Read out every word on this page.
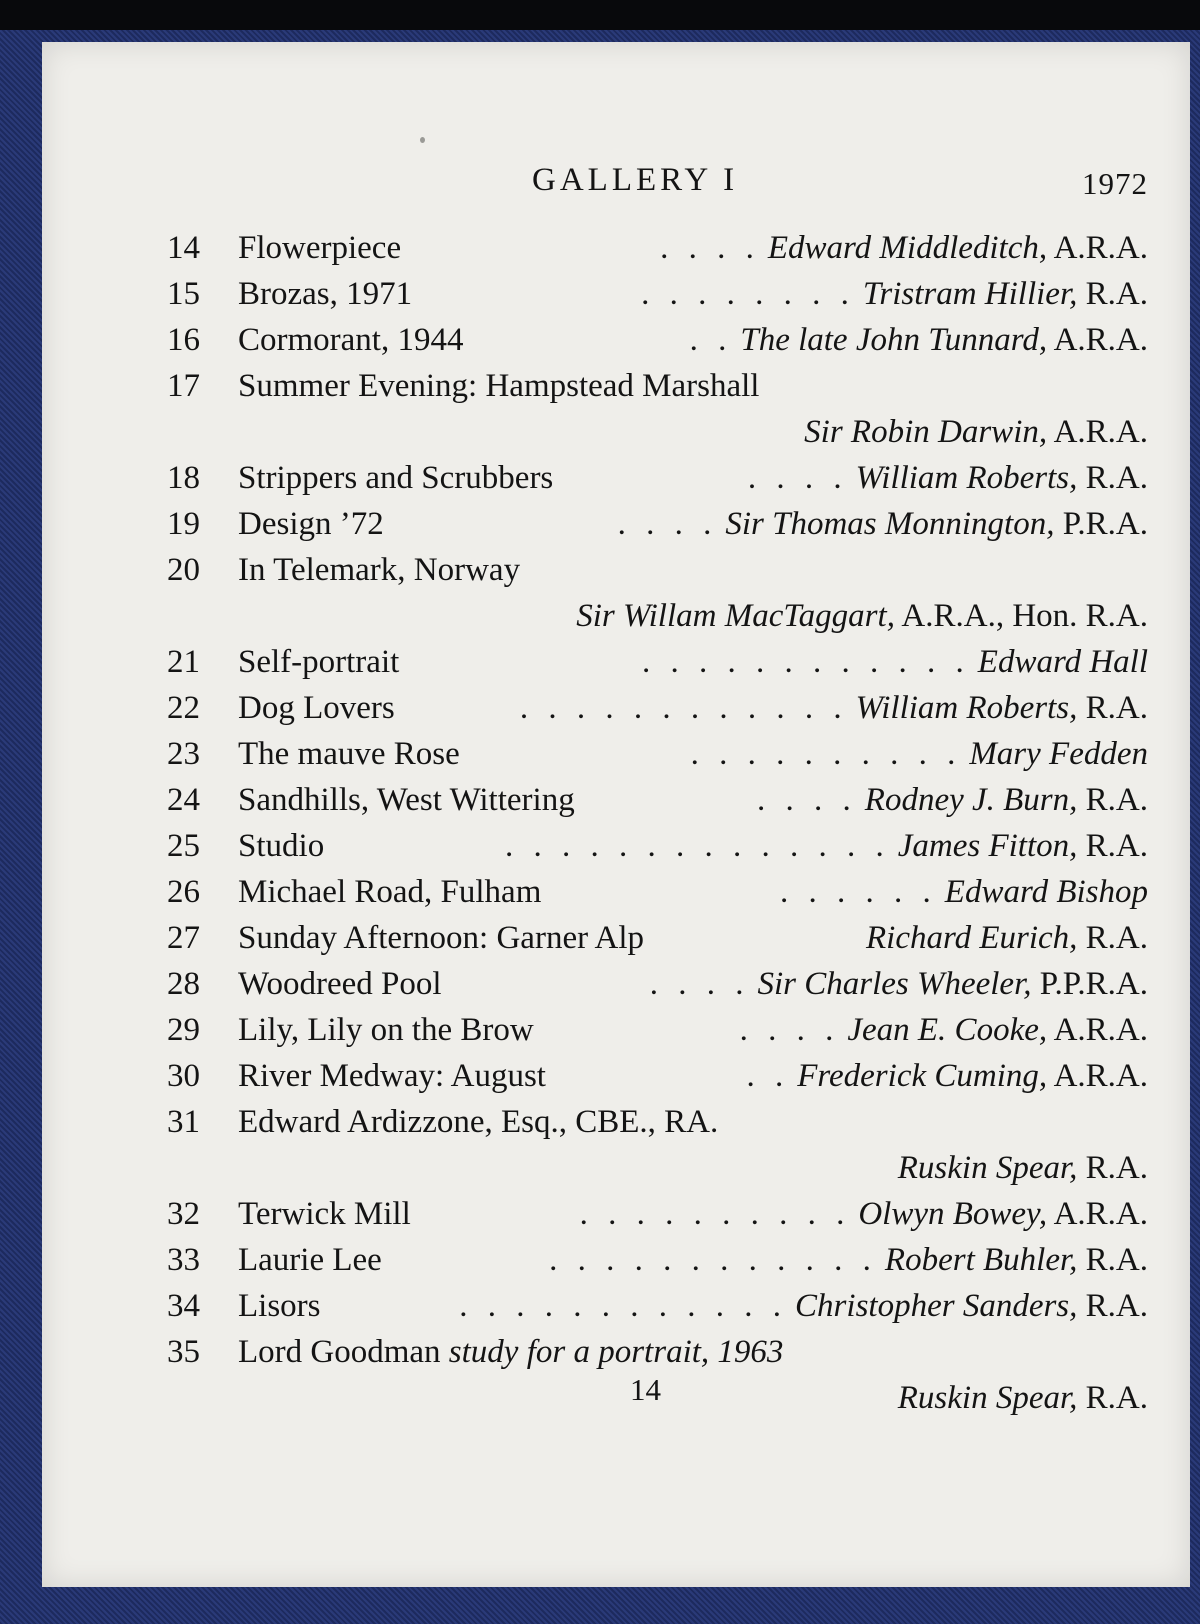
GALLERY I	1972
14	Flowerpiece	. . . . Edward Middleditch, A.R.A.
15	Brozas, 1971	. . . . . . . . Tristram Hillier, R.A.
16	Cormorant, 1944	. . The late John Tunnard, A.R.A.
17	Summer Evening: Hampstead Marshall
Sir Robin Darwin, A.R.A.
18	Strippers and Scrubbers	. . . . William Roberts, R.A.
19	Design ’72	. . . . Sir Thomas Monnington, P.R.A.
20	In Telemark, Norway
Sir Willam MacTaggart, A.R.A., Hon. R.A.
21	Self-portrait	. . . . . . . . . . . . Edward Hall
22	Dog Lovers	. . . . . . . . . . . . William Roberts, R.A.
23	The mauve Rose	. . . . . . . . . . Mary Fedden
24	Sandhills, West Wittering	. . . . Rodney J. Burn, R.A.
25	Studio	. . . . . . . . . . . . . . James Fitton, R.A.
26	Michael Road, Fulham	. . . . . . Edward Bishop
27	Sunday Afternoon: Garner Alp	Richard Eurich, R.A.
28	Woodreed Pool	. . . . Sir Charles Wheeler, P.P.R.A.
29	Lily, Lily on the Brow	. . . . Jean E. Cooke, A.R.A.
30	River Medway: August	. . Frederick Cuming, A.R.A.
31	Edward Ardizzone, Esq., CBE., RA.
Ruskin Spear, R.A.
32	Terwick Mill	. . . . . . . . . . Olwyn Bowey, A.R.A.
33	Laurie Lee	. . . . . . . . . . . . Robert Buhler, R.A.
34	Lisors	. . . . . . . . . . . . Christopher Sanders, R.A.
35	Lord Goodman study for a portrait, 1963
Ruskin Spear, R.A.
14
